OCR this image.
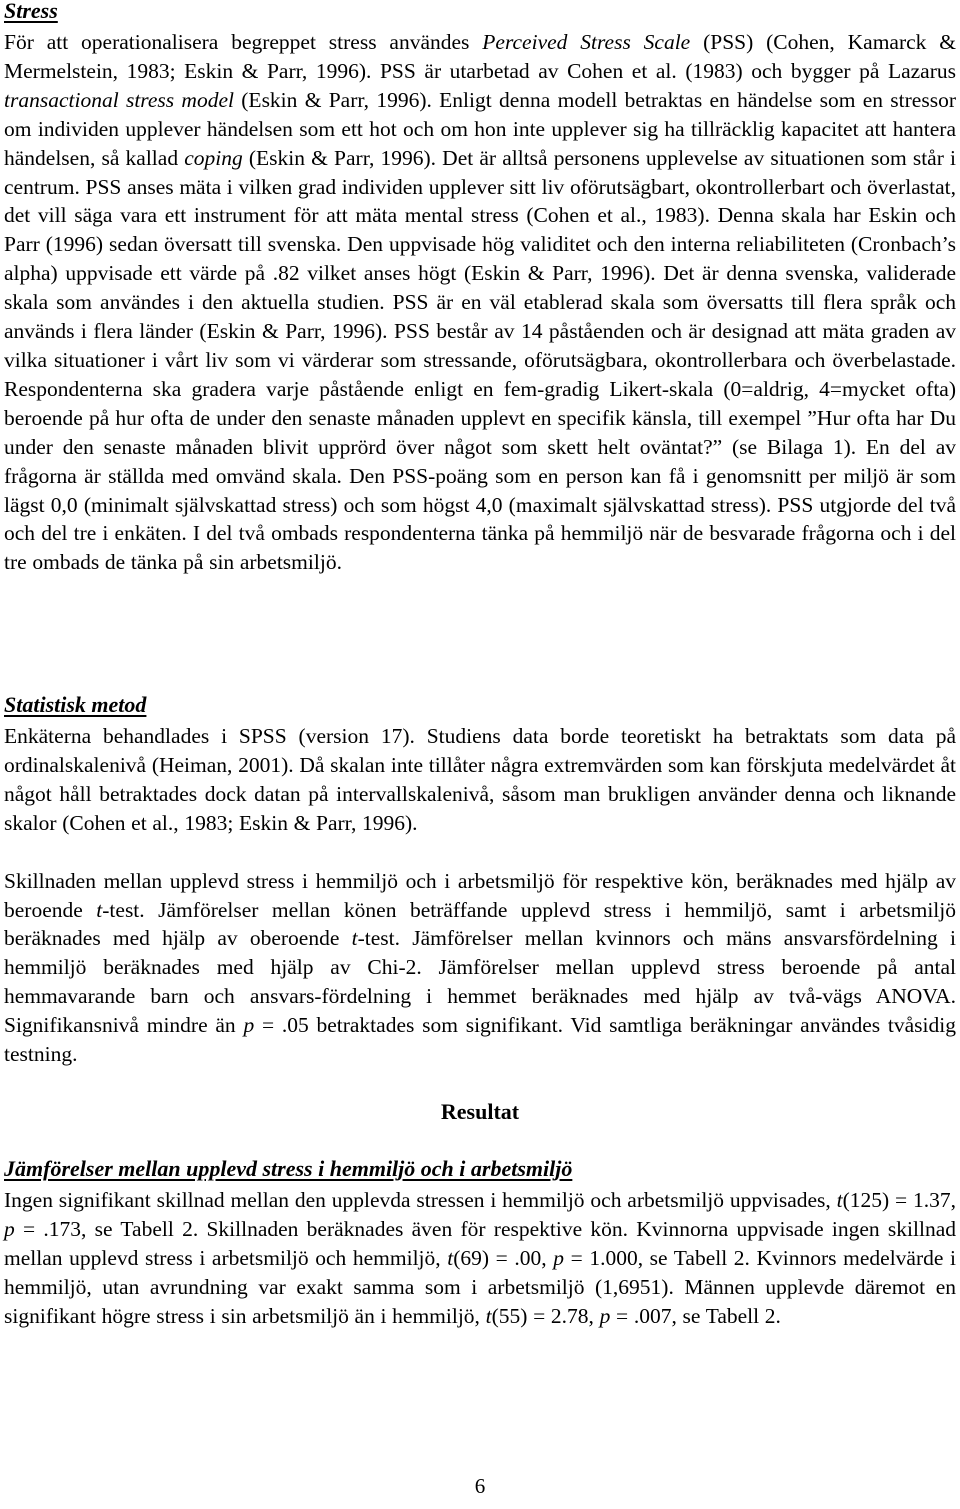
Stress

För att operationalisera begreppet stress användes Perceived Stress Scale (PSS) (Cohen, Kamarck & Mermelstein, 1983; Eskin & Parr, 1996). PSS är utarbetad av Cohen et al. (1983) och bygger på Lazarus transactional stress model (Eskin & Parr, 1996). Enligt denna modell betraktas en händelse som en stressor om individen upplever händelsen som ett hot och om hon inte upplever sig ha tillräcklig kapacitet att hantera händelsen, så kallad coping (Eskin & Parr, 1996). Det är alltså personens upplevelse av situationen som står i centrum. PSS anses mäta i vilken grad individen upplever sitt liv oförutsägbart, okontrollerbart och överlastat, det vill säga vara ett instrument för att mäta mental stress (Cohen et al., 1983). Denna skala har Eskin och Parr (1996) sedan översatt till svenska. Den uppvisade hög validitet och den interna reliabiliteten (Cronbach’s alpha) uppvisade ett värde på .82 vilket anses högt (Eskin & Parr, 1996). Det är denna svenska, validerade skala som användes i den aktuella studien. PSS är en väl etablerad skala som översatts till flera språk och används i flera länder (Eskin & Parr, 1996). PSS består av 14 påståenden och är designad att mäta graden av vilka situationer i vårt liv som vi värderar som stressande, oförutsägbara, okontrollerbara och överbelastade. Respondenterna ska gradera varje påstående enligt en fem-gradig Likert-skala (0=aldrig, 4=mycket ofta) beroende på hur ofta de under den senaste månaden upplevt en specifik känsla, till exempel ”Hur ofta har Du under den senaste månaden blivit upprörd över något som skett helt oväntat?” (se Bilaga 1). En del av frågorna är ställda med omvänd skala. Den PSS-poäng som en person kan få i genomsnitt per miljö är som lägst 0,0 (minimalt självskattad stress) och som högst 4,0 (maximalt självskattad stress). PSS utgjorde del två och del tre i enkäten. I del två ombads respondenterna tänka på hemmiljö när de besvarade frågorna och i del tre ombads de tänka på sin arbetsmiljö.

Statistisk metod

Enkäterna behandlades i SPSS (version 17). Studiens data borde teoretiskt ha betraktats som data på ordinalskalenivå (Heiman, 2001). Då skalan inte tillåter några extremvärden som kan förskjuta medelvärdet åt något håll betraktades dock datan på intervallskalenivå, såsom man brukligen använder denna och liknande skalor (Cohen et al., 1983; Eskin & Parr, 1996).

Skillnaden mellan upplevd stress i hemmiljö och i arbetsmiljö för respektive kön, beräknades med hjälp av beroende t-test. Jämförelser mellan könen beträffande upplevd stress i hemmiljö, samt i arbetsmiljö beräknades med hjälp av oberoende t-test. Jämförelser mellan kvinnors och mäns ansvarsfördelning i hemmiljö beräknades med hjälp av Chi-2. Jämförelser mellan upplevd stress beroende på antal hemmavarande barn och ansvars-fördelning i hemmet beräknades med hjälp av två-vägs ANOVA. Signifikansnivå mindre än p = .05 betraktades som signifikant. Vid samtliga beräkningar användes tvåsidig testning.

Resultat

Jämförelser mellan upplevd stress i hemmiljö och i arbetsmiljö

Ingen signifikant skillnad mellan den upplevda stressen i hemmiljö och arbetsmiljö uppvisades, t(125) = 1.37, p = .173, se Tabell 2. Skillnaden beräknades även för respektive kön. Kvinnorna uppvisade ingen skillnad mellan upplevd stress i arbetsmiljö och hemmiljö, t(69) = .00, p = 1.000, se Tabell 2. Kvinnors medelvärde i hemmiljö, utan avrundning var exakt samma som i arbetsmiljö (1,6951). Männen upplevde däremot en signifikant högre stress i sin arbetsmiljö än i hemmiljö, t(55) = 2.78, p = .007, se Tabell 2.

6
